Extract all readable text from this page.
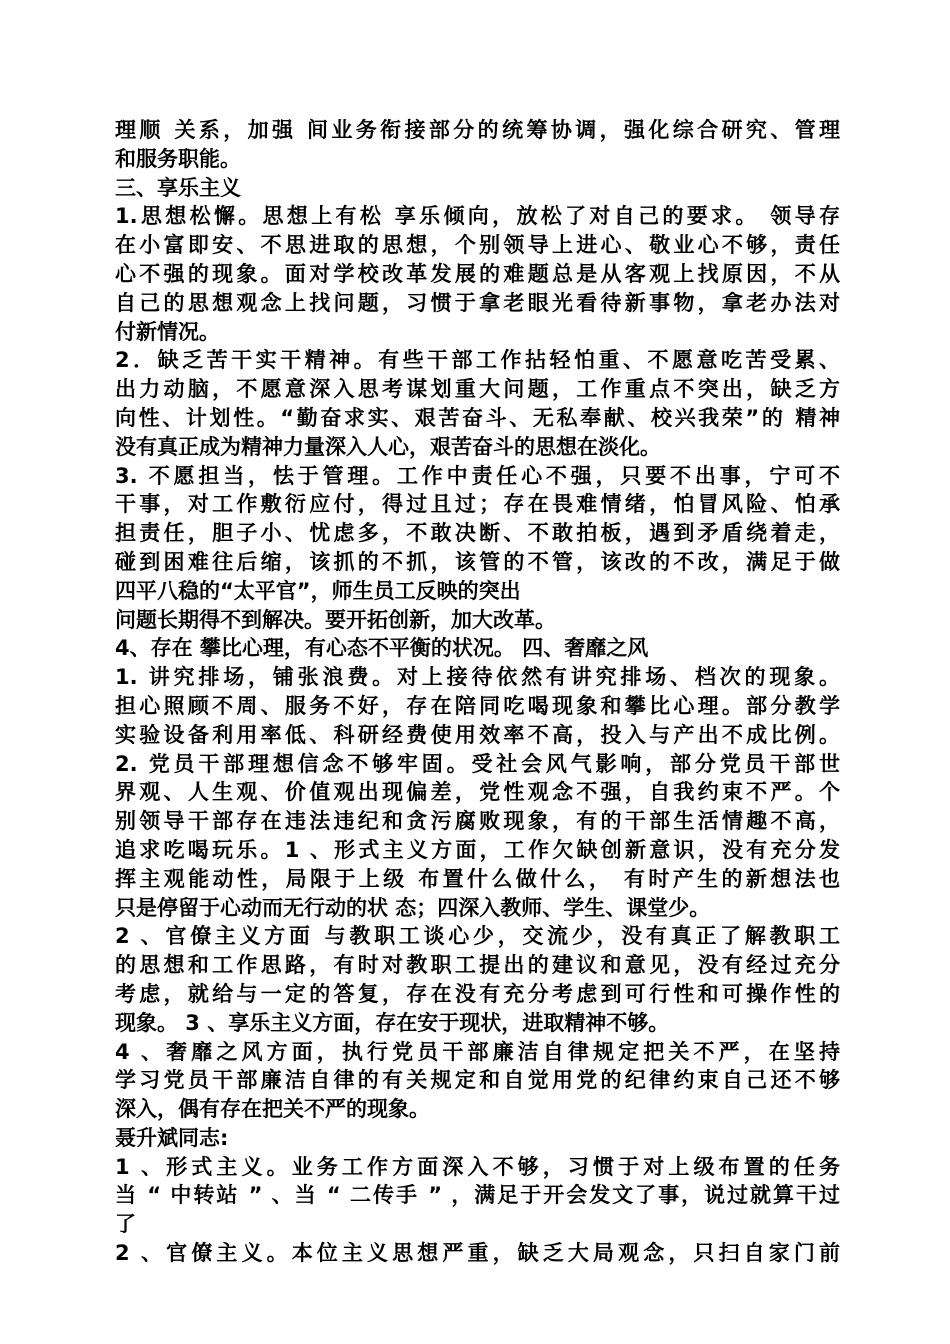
理顺 关系，加强 间业务衔接部分的统筹协调，强化综合研究、管理
和服务职能。
三、享乐主义
1.思想松懈。思想上有松 享乐倾向，放松了对自己的要求。 领导存
在小富即安、不思进取的思想，个别领导上进心、敬业心不够，责任
心不强的现象。面对学校改革发展的难题总是从客观上找原因，不从
自己的思想观念上找问题，习惯于拿老眼光看待新事物，拿老办法对
付新情况。
2．缺乏苦干实干精神。有些干部工作拈轻怕重、不愿意吃苦受累、
出力动脑，不愿意深入思考谋划重大问题，工作重点不突出，缺乏方
向性、计划性。“勤奋求实、艰苦奋斗、无私奉献、校兴我荣”的 精神
没有真正成为精神力量深入人心，艰苦奋斗的思想在淡化。
3. 不愿担当，怯于管理。工作中责任心不强，只要不出事，宁可不
干事，对工作敷衍应付，得过且过；存在畏难情绪，怕冒风险、怕承
担责任，胆子小、忧虑多，不敢决断、不敢拍板，遇到矛盾绕着走，
碰到困难往后缩，该抓的不抓，该管的不管，该改的不改，满足于做
四平八稳的“太平官”，师生员工反映的突出
问题长期得不到解决。要开拓创新，加大改革。
4、存在 攀比心理，有心态不平衡的状况。 四、奢靡之风
1. 讲究排场，铺张浪费。对上接待依然有讲究排场、档次的现象。
担心照顾不周、服务不好，存在陪同吃喝现象和攀比心理。部分教学
实验设备利用率低、科研经费使用效率不高，投入与产出不成比例。
2. 党员干部理想信念不够牢固。受社会风气影响，部分党员干部世
界观、人生观、价值观出现偏差，党性观念不强，自我约束不严。个
别领导干部存在违法违纪和贪污腐败现象，有的干部生活情趣不高，
追求吃喝玩乐。1 、形式主义方面，工作欠缺创新意识，没有充分发
挥主观能动性，局限于上级 布置什么做什么， 有时产生的新想法也
只是停留于心动而无行动的状 态；四深入教师、学生、课堂少。
2 、官僚主义方面 与教职工谈心少，交流少，没有真正了解教职工
的思想和工作思路，有时对教职工提出的建议和意见，没有经过充分
考虑，就给与一定的答复，存在没有充分考虑到可行性和可操作性的
现象。 3 、享乐主义方面，存在安于现状，进取精神不够。
4 、奢靡之风方面，执行党员干部廉洁自律规定把关不严，在坚持
学习党员干部廉洁自律的有关规定和自觉用党的纪律约束自己还不够
深入，偶有存在把关不严的现象。
聂升斌同志:
1 、形式主义。业务工作方面深入不够，习惯于对上级布置的任务
当 “ 中转站 ” 、当 “ 二传手 ” ，满足于开会发文了事，说过就算干过
了
2 、官僚主义。本位主义思想严重，缺乏大局观念，只扫自家门前
